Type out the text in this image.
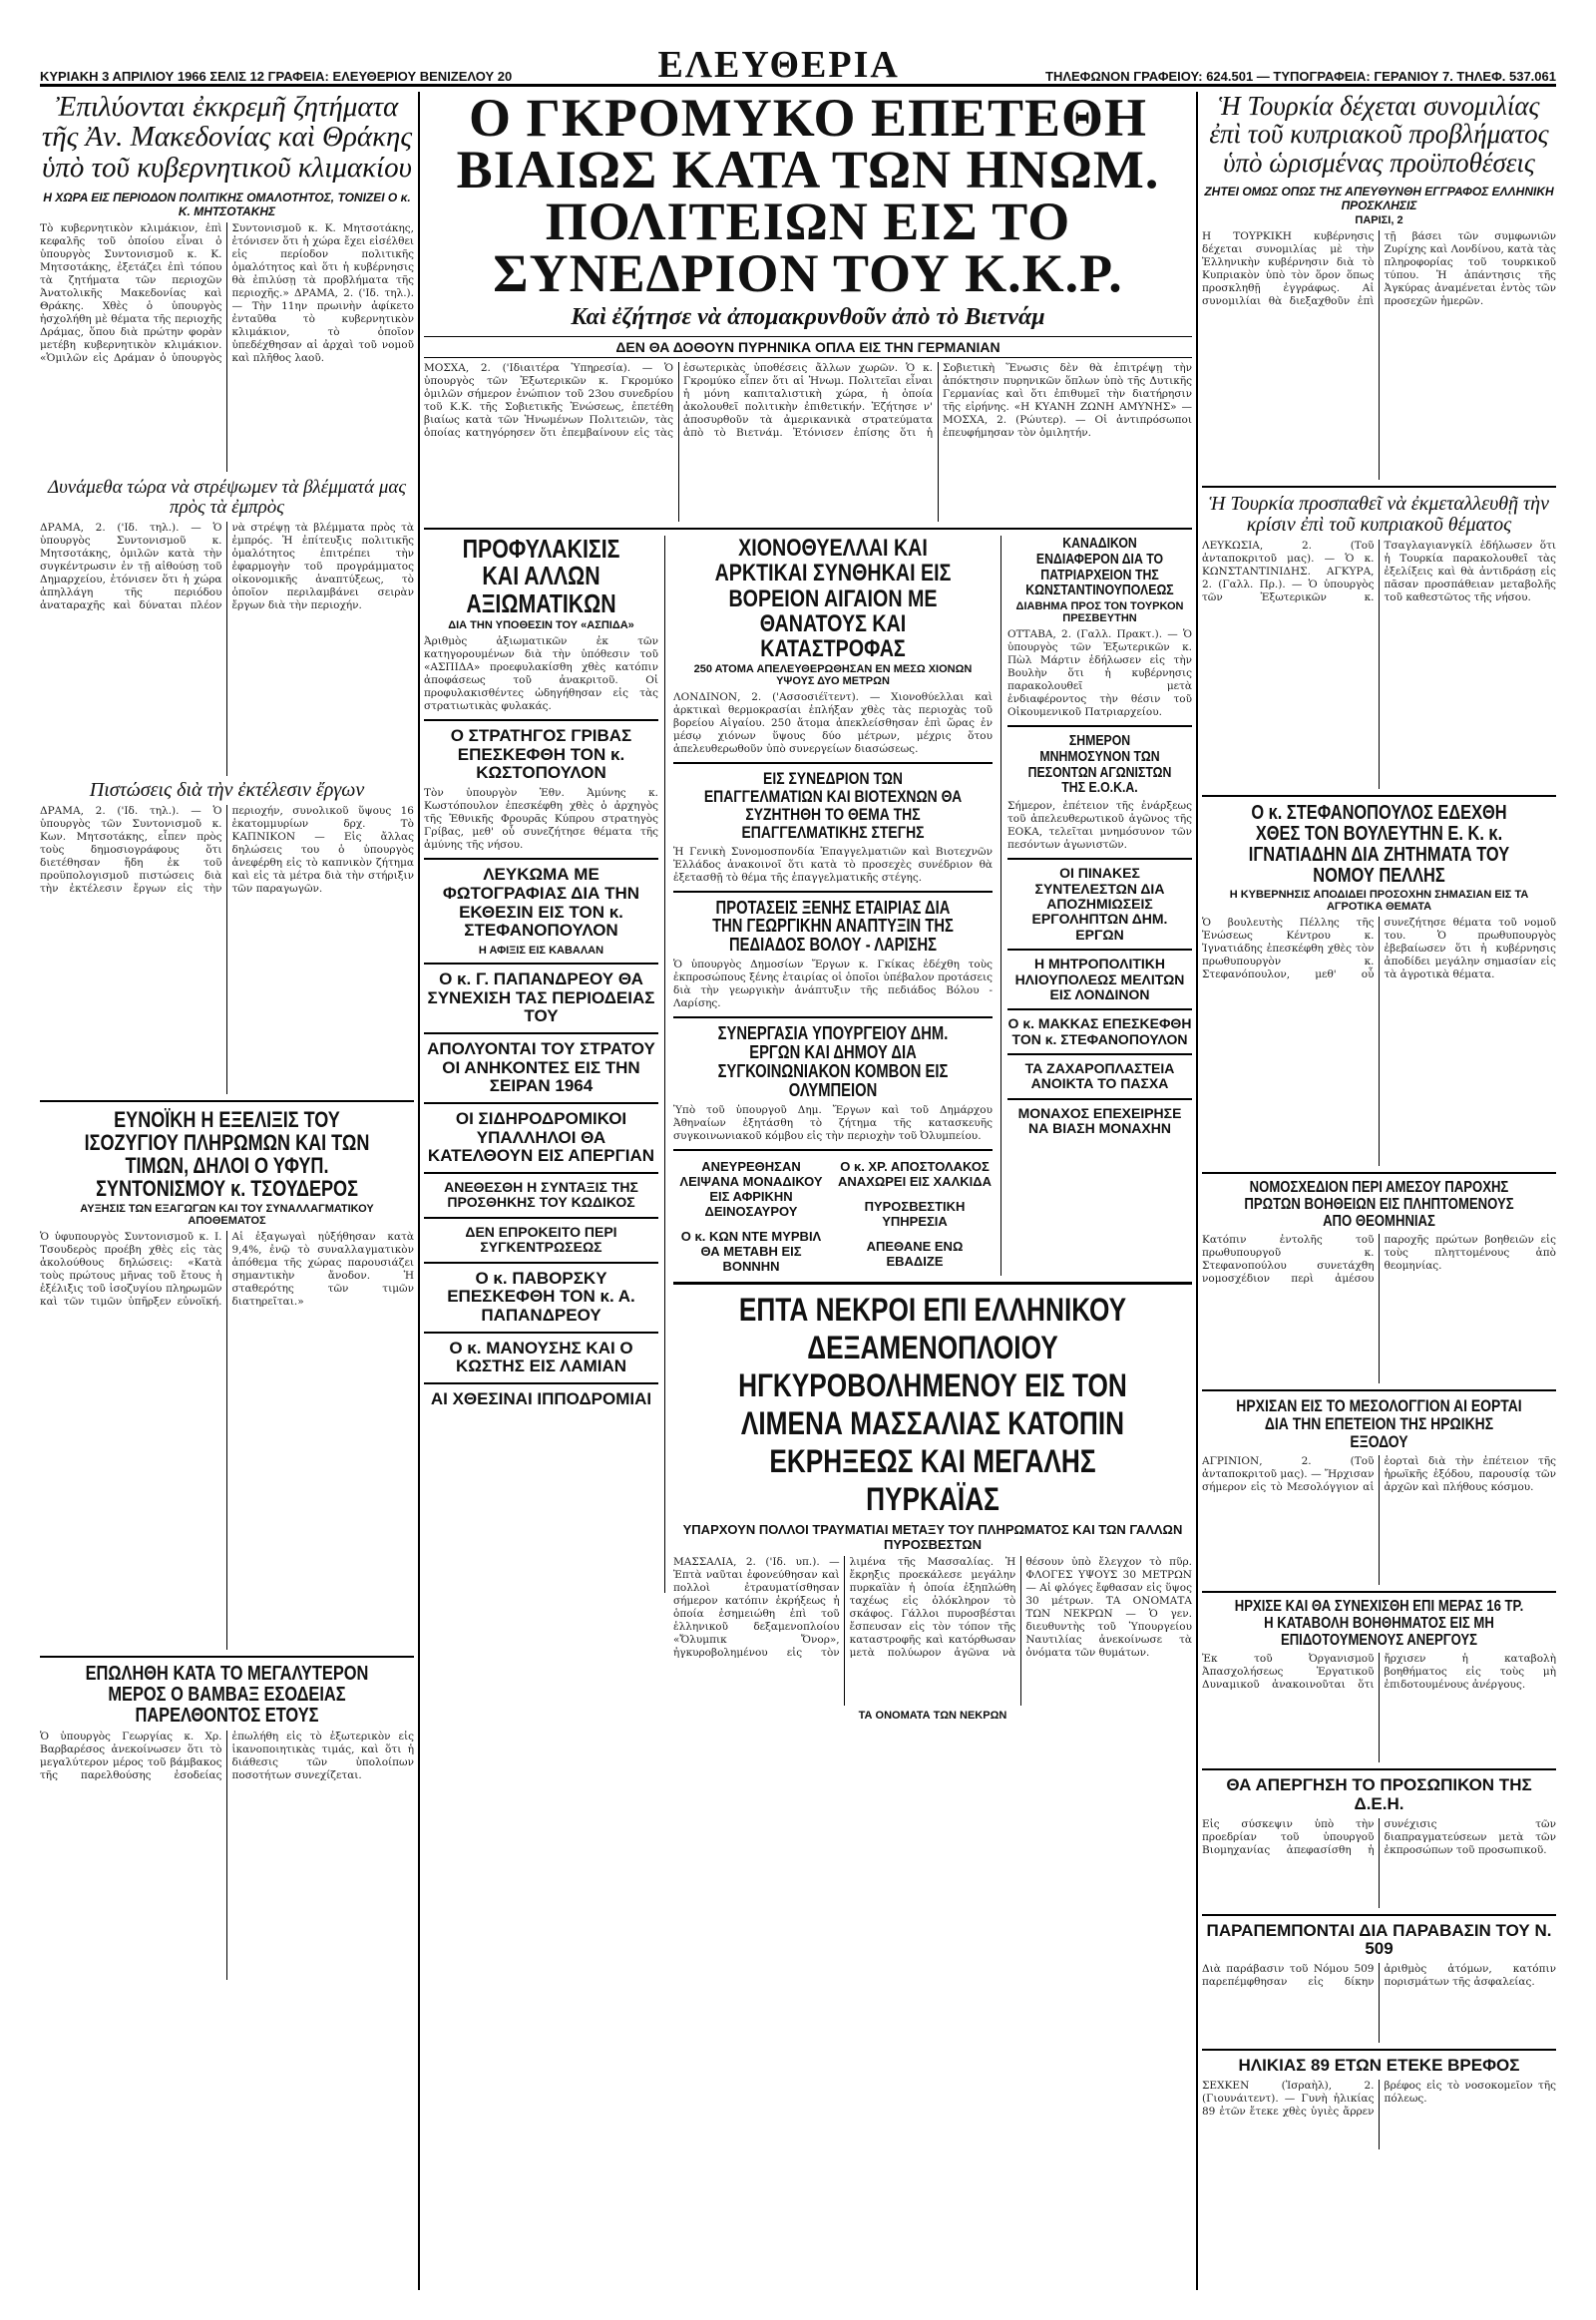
ΚΥΡΙΑΚΗ 3 ΑΠΡΙΛΙΟΥ 1966 ΣΕΛΙΣ 12 ΓΡΑΦΕΙΑ: ΕΛΕΥΘΕΡΙΟΥ ΒΕΝΙΖΕΛΟΥ 20	ΕΛΕΥΘΕΡΙΑ	ΤΗΛΕΦΩΝΟΝ ΓΡΑΦΕΙΟΥ: 624.501 — ΤΥΠΟΓΡΑΦΕΙΑ: ΓΕΡΑΝΙΟΥ 7. ΤΗΛΕΦ. 537.061
Ἐπιλύονται ἐκκρεμῆ ζητήματα τῆς Ἀν. Μακεδονίας καὶ Θράκης ὑπὸ τοῦ κυβερνητικοῦ κλιμακίου
Η ΧΩΡΑ ΕΙΣ ΠΕΡΙΟΔΟΝ ΠΟΛΙΤΙΚΗΣ ΟΜΑΛΟΤΗΤΟΣ, ΤΟΝΙΖΕΙ Ο κ. Κ. ΜΗΤΣΟΤΑΚΗΣ
Τὸ κυβερνητικὸν κλιμάκιον, ἐπὶ κεφαλῆς τοῦ ὁποίου εἶναι ὁ ὑπουργὸς Συντονισμοῦ κ. Κ. Μητσοτάκης, ἐξετάζει ἐπὶ τόπου τὰ ζητήματα τῶν περιοχῶν Ἀνατολικῆς Μακεδονίας καὶ Θράκης. Χθὲς ὁ ὑπουργὸς ἠσχολήθη μὲ θέματα τῆς περιοχῆς Δράμας, ὅπου διὰ πρώτην φορὰν μετέβη κυβερνητικὸν κλιμάκιον. «Ὁμιλῶν εἰς Δράμαν ὁ ὑπουργὸς Συντονισμοῦ κ. Κ. Μητσοτάκης, ἐτόνισεν ὅτι ἡ χώρα ἔχει εἰσέλθει εἰς περίοδον πολιτικῆς ὁμαλότητος καὶ ὅτι ἡ κυβέρνησις θὰ ἐπιλύσῃ τὰ προβλήματα τῆς περιοχῆς.» ΔΡΑΜΑ, 2. ('Ιδ. τηλ.). — Τὴν 11ην πρωινὴν ἀφίκετο ἐνταῦθα τὸ κυβερνητικὸν κλιμάκιον, τὸ ὁποῖον ὑπεδέχθησαν αἱ ἀρχαὶ τοῦ νομοῦ καὶ πλῆθος λαοῦ.
Δυνάμεθα τώρα νὰ στρέψωμεν τὰ βλέμματά μας πρὸς τὰ ἐμπρὸς
ΔΡΑΜΑ, 2. ('Ιδ. τηλ.). — Ὁ ὑπουργὸς Συντονισμοῦ κ. Μητσοτάκης, ὁμιλῶν κατὰ τὴν συγκέντρωσιν ἐν τῇ αἰθούσῃ τοῦ Δημαρχείου, ἐτόνισεν ὅτι ἡ χώρα ἀπηλλάγη τῆς περιόδου ἀναταραχῆς καὶ δύναται πλέον νὰ στρέψῃ τὰ βλέμματα πρὸς τὰ ἐμπρός. Ἡ ἐπίτευξις πολιτικῆς ὁμαλότητος ἐπιτρέπει τὴν ἐφαρμογὴν τοῦ προγράμματος οἰκονομικῆς ἀναπτύξεως, τὸ ὁποῖον περιλαμβάνει σειρὰν ἔργων διὰ τὴν περιοχήν.
Πιστώσεις διὰ τὴν ἐκτέλεσιν ἔργων
ΔΡΑΜΑ, 2. ('Ιδ. τηλ.). — Ὁ ὑπουργὸς τῶν Συντονισμοῦ κ. Κων. Μητσοτάκης, εἶπεν πρὸς τοὺς δημοσιογράφους ὅτι διετέθησαν ἤδη ἐκ τοῦ προϋπολογισμοῦ πιστώσεις διὰ τὴν ἐκτέλεσιν ἔργων εἰς τὴν περιοχήν, συνολικοῦ ὕψους 16 ἑκατομμυρίων δρχ. Τὸ ΚΑΠΝΙΚΟΝ — Εἰς ἄλλας δηλώσεις του ὁ ὑπουργὸς ἀνεφέρθη εἰς τὸ καπνικὸν ζήτημα καὶ εἰς τὰ μέτρα διὰ τὴν στήριξιν τῶν παραγωγῶν.
ΕΥΝΟΪΚΗ Η ΕΞΕΛΙΞΙΣ ΤΟΥ ΙΣΟΖΥΓΙΟΥ ΠΛΗΡΩΜΩΝ ΚΑΙ ΤΩΝ ΤΙΜΩΝ, ΔΗΛΟΙ Ο ΥΦΥΠ. ΣΥΝΤΟΝΙΣΜΟΥ κ. ΤΣΟΥΔΕΡΟΣ
ΑΥΞΗΣΙΣ ΤΩΝ ΕΞΑΓΩΓΩΝ ΚΑΙ ΤΟΥ ΣΥΝΑΛΛΑΓΜΑΤΙΚΟΥ ΑΠΟΘΕΜΑΤΟΣ
Ὁ ὑφυπουργὸς Συντονισμοῦ κ. Ι. Τσουδερὸς προέβη χθὲς εἰς τὰς ἀκολούθους δηλώσεις: «Κατὰ τοὺς πρώτους μῆνας τοῦ ἔτους ἡ ἐξέλιξις τοῦ ἰσοζυγίου πληρωμῶν καὶ τῶν τιμῶν ὑπῆρξεν εὐνοϊκή. Αἱ ἐξαγωγαὶ ηὐξήθησαν κατὰ 9,4%, ἐνῷ τὸ συναλλαγματικὸν ἀπόθεμα τῆς χώρας παρουσιάζει σημαντικὴν ἄνοδον. Ἡ σταθερότης τῶν τιμῶν διατηρεῖται.»
ΕΠΩΛΗΘΗ ΚΑΤΑ ΤΟ ΜΕΓΑΛΥΤΕΡΟΝ ΜΕΡΟΣ Ο ΒΑΜΒΑΞ ΕΣΟΔΕΙΑΣ ΠΑΡΕΛΘΟΝΤΟΣ ΕΤΟΥΣ
Ὁ ὑπουργὸς Γεωργίας κ. Χρ. Βαρβαρέσος ἀνεκοίνωσεν ὅτι τὸ μεγαλύτερον μέρος τοῦ βάμβακος τῆς παρελθούσης ἐσοδείας ἐπωλήθη εἰς τὸ ἐξωτερικὸν εἰς ἱκανοποιητικὰς τιμάς, καὶ ὅτι ἡ διάθεσις τῶν ὑπολοίπων ποσοτήτων συνεχίζεται.
Ο ΓΚΡΟΜΥΚΟ ΕΠΕΤΕΘΗ ΒΙΑΙΩΣ ΚΑΤΑ ΤΩΝ ΗΝΩΜ. ΠΟΛΙΤΕΙΩΝ ΕΙΣ ΤΟ ΣΥΝΕΔΡΙΟΝ ΤΟΥ Κ.Κ.Ρ.
Καὶ ἐζήτησε νὰ ἀπομακρυνθοῦν ἀπὸ τὸ Βιετνάμ
ΔΕΝ ΘΑ ΔΟΘΟΥΝ ΠΥΡΗΝΙΚΑ ΟΠΛΑ ΕΙΣ ΤΗΝ ΓΕΡΜΑΝΙΑΝ
ΜΟΣΧΑ, 2. ('Ιδιαιτέρα Ὑπηρεσία). — Ὁ ὑπουργὸς τῶν Ἐξωτερικῶν κ. Γκρομύκο ὁμιλῶν σήμερον ἐνώπιον τοῦ 23ου συνεδρίου τοῦ Κ.Κ. τῆς Σοβιετικῆς Ἑνώσεως, ἐπετέθη βιαίως κατὰ τῶν Ἡνωμένων Πολιτειῶν, τὰς ὁποίας κατηγόρησεν ὅτι ἐπεμβαίνουν εἰς τὰς ἐσωτερικὰς ὑποθέσεις ἄλλων χωρῶν. Ὁ κ. Γκρομύκο εἶπεν ὅτι αἱ Ἡνωμ. Πολιτεῖαι εἶναι ἡ μόνη καπιταλιστικὴ χώρα, ἡ ὁποία ἀκολουθεῖ πολιτικὴν ἐπιθετικήν. Ἐζήτησε ν' ἀποσυρθοῦν τὰ ἀμερικανικὰ στρατεύματα ἀπὸ τὸ Βιετνάμ. Ἐτόνισεν ἐπίσης ὅτι ἡ Σοβιετικὴ Ἕνωσις δὲν θὰ ἐπιτρέψῃ τὴν ἀπόκτησιν πυρηνικῶν ὅπλων ὑπὸ τῆς Δυτικῆς Γερμανίας καὶ ὅτι ἐπιθυμεῖ τὴν διατήρησιν τῆς εἰρήνης. «Η ΚΥΑΝΗ ΖΩΝΗ ΑΜΥΝΗΣ» — ΜΟΣΧΑ, 2. (Ρώυτερ). — Οἱ ἀντιπρόσωποι ἐπευφήμησαν τὸν ὁμιλητήν.
ΠΡΟΦΥΛΑΚΙΣΙΣ ΚΑΙ ΑΛΛΩΝ ΑΞΙΩΜΑΤΙΚΩΝ
ΔΙΑ ΤΗΝ ΥΠΟΘΕΣΙΝ ΤΟΥ «ΑΣΠΙΔΑ»
Ἀριθμὸς ἀξιωματικῶν ἐκ τῶν κατηγορουμένων διὰ τὴν ὑπόθεσιν τοῦ «ΑΣΠΙΔΑ» προεφυλακίσθη χθὲς κατόπιν ἀποφάσεως τοῦ ἀνακριτοῦ. Οἱ προφυλακισθέντες ὡδηγήθησαν εἰς τὰς στρατιωτικὰς φυλακάς.
Ο ΣΤΡΑΤΗΓΟΣ ΓΡΙΒΑΣ ΕΠΕΣΚΕΦΘΗ ΤΟΝ κ. ΚΩΣΤΟΠΟΥΛΟΝ
Τὸν ὑπουργὸν Ἐθν. Ἀμύνης κ. Κωστόπουλον ἐπεσκέφθη χθὲς ὁ ἀρχηγὸς τῆς Ἐθνικῆς Φρουρᾶς Κύπρου στρατηγὸς Γρίβας, μεθ' οὗ συνεζήτησε θέματα τῆς ἀμύνης τῆς νήσου.
ΛΕΥΚΩΜΑ ΜΕ ΦΩΤΟΓΡΑΦΙΑΣ ΔΙΑ ΤΗΝ ΕΚΘΕΣΙΝ ΕΙΣ ΤΟΝ κ. ΣΤΕΦΑΝΟΠΟΥΛΟΝ
Η ΑΦΙΞΙΣ ΕΙΣ ΚΑΒΑΛΑΝ
Ο κ. Γ. ΠΑΠΑΝΔΡΕΟΥ ΘΑ ΣΥΝΕΧΙΣΗ ΤΑΣ ΠΕΡΙΟΔΕΙΑΣ ΤΟΥ
ΑΠΟΛΥΟΝΤΑΙ ΤΟΥ ΣΤΡΑΤΟΥ ΟΙ ΑΝΗΚΟΝΤΕΣ ΕΙΣ ΤΗΝ ΣΕΙΡΑΝ 1964
ΟΙ ΣΙΔΗΡΟΔΡΟΜΙΚΟΙ ΥΠΑΛΛΗΛΟΙ ΘΑ ΚΑΤΕΛΘΟΥΝ ΕΙΣ ΑΠΕΡΓΙΑΝ
ΑΝΕΘΕΣΘΗ Η ΣΥΝΤΑΞΙΣ ΤΗΣ ΠΡΟΣΘΗΚΗΣ ΤΟΥ ΚΩΔΙΚΟΣ
ΔΕΝ ΕΠΡΟΚΕΙΤΟ ΠΕΡΙ ΣΥΓΚΕΝΤΡΩΣΕΩΣ
Ο κ. ΠΑΒΟΡΣΚΥ ΕΠΕΣΚΕΦΘΗ ΤΟΝ κ. Α. ΠΑΠΑΝΔΡΕΟΥ
Ο κ. ΜΑΝΟΥΣΗΣ ΚΑΙ Ο ΚΩΣΤΗΣ ΕΙΣ ΛΑΜΙΑΝ
ΑΙ ΧΘΕΣΙΝΑΙ ΙΠΠΟΔΡΟΜΙΑΙ
ΧΙΟΝΟΘΥΕΛΛΑΙ ΚΑΙ ΑΡΚΤΙΚΑΙ ΣΥΝΘΗΚΑΙ ΕΙΣ ΒΟΡΕΙΟΝ ΑΙΓΑΙΟΝ ΜΕ ΘΑΝΑΤΟΥΣ ΚΑΙ ΚΑΤΑΣΤΡΟΦΑΣ
250 ΑΤΟΜΑ ΑΠΕΛΕΥΘΕΡΩΘΗΣΑΝ ΕΝ ΜΕΣΩ ΧΙΟΝΩΝ ΥΨΟΥΣ ΔΥΟ ΜΕΤΡΩΝ
ΛΟΝΔΙΝΟΝ, 2. ('Ασσοσιέϊτεντ). — Χιονοθύελλαι καὶ ἀρκτικαὶ θερμοκρασίαι ἐπλήξαν χθὲς τὰς περιοχὰς τοῦ βορείου Αἰγαίου. 250 ἄτομα ἀπεκλείσθησαν ἐπὶ ὥρας ἐν μέσῳ χιόνων ὕψους δύο μέτρων, μέχρις ὅτου ἀπελευθερωθοῦν ὑπὸ συνεργείων διασώσεως.
ΕΙΣ ΣΥΝΕΔΡΙΟΝ ΤΩΝ ΕΠΑΓΓΕΛΜΑΤΙΩΝ ΚΑΙ ΒΙΟΤΕΧΝΩΝ ΘΑ ΣΥΖΗΤΗΘΗ ΤΟ ΘΕΜΑ ΤΗΣ ΕΠΑΓΓΕΛΜΑΤΙΚΗΣ ΣΤΕΓΗΣ
Ἡ Γενικὴ Συνομοσπονδία Ἐπαγγελματιῶν καὶ Βιοτεχνῶν Ἑλλάδος ἀνακοινοῖ ὅτι κατὰ τὸ προσεχὲς συνέδριον θὰ ἐξετασθῇ τὸ θέμα τῆς ἐπαγγελματικῆς στέγης.
ΠΡΟΤΑΣΕΙΣ ΞΕΝΗΣ ΕΤΑΙΡΙΑΣ ΔΙΑ ΤΗΝ ΓΕΩΡΓΙΚΗΝ ΑΝΑΠΤΥΞΙΝ ΤΗΣ ΠΕΔΙΑΔΟΣ ΒΟΛΟΥ - ΛΑΡΙΣΗΣ
Ὁ ὑπουργὸς Δημοσίων Ἔργων κ. Γκίκας ἐδέχθη τοὺς ἐκπροσώπους ξένης ἑταιρίας οἱ ὁποῖοι ὑπέβαλον προτάσεις διὰ τὴν γεωργικὴν ἀνάπτυξιν τῆς πεδιάδος Βόλου - Λαρίσης.
ΣΥΝΕΡΓΑΣΙΑ ΥΠΟΥΡΓΕΙΟΥ ΔΗΜ. ΕΡΓΩΝ ΚΑΙ ΔΗΜΟΥ ΔΙΑ ΣΥΓΚΟΙΝΩΝΙΑΚΟΝ ΚΟΜΒΟΝ ΕΙΣ ΟΛΥΜΠΕΙΟΝ
Ὑπὸ τοῦ ὑπουργοῦ Δημ. Ἔργων καὶ τοῦ Δημάρχου Ἀθηναίων ἐξητάσθη τὸ ζήτημα τῆς κατασκευῆς συγκοινωνιακοῦ κόμβου εἰς τὴν περιοχὴν τοῦ Ὀλυμπείου.
ΑΝΕΥΡΕΘΗΣΑΝ ΛΕΙΨΑΝΑ ΜΟΝΑΔΙΚΟΥ ΕΙΣ ΑΦΡΙΚΗΝ ΔΕΙΝΟΣΑΥΡΟΥ
Ο κ. ΚΩΝ ΝΤΕ ΜΥΡΒΙΛ ΘΑ ΜΕΤΑΒΗ ΕΙΣ ΒΟΝΝΗΝ
Ο κ. ΧΡ. ΑΠΟΣΤΟΛΑΚΟΣ ΑΝΑΧΩΡΕΙ ΕΙΣ ΧΑΛΚΙΔΑ
ΠΥΡΟΣΒΕΣΤΙΚΗ ΥΠΗΡΕΣΙΑ
ΑΠΕΘΑΝΕ ΕΝΩ ΕΒΑΔΙΖΕ
ΚΑΝΑΔΙΚΟΝ ΕΝΔΙΑΦΕΡΟΝ ΔΙΑ ΤΟ ΠΑΤΡΙΑΡΧΕΙΟΝ ΤΗΣ ΚΩΝΣΤΑΝΤΙΝΟΥΠΟΛΕΩΣ
ΔΙΑΒΗΜΑ ΠΡΟΣ ΤΟΝ ΤΟΥΡΚΟΝ ΠΡΕΣΒΕΥΤΗΝ
ΟΤΤΑΒΑ, 2. (Γαλλ. Πρακτ.). — Ὁ ὑπουργὸς τῶν Ἐξωτερικῶν κ. Πὼλ Μάρτιν ἐδήλωσεν εἰς τὴν Βουλὴν ὅτι ἡ κυβέρνησις παρακολουθεῖ μετὰ ἐνδιαφέροντος τὴν θέσιν τοῦ Οἰκουμενικοῦ Πατριαρχείου.
ΣΗΜΕΡΟΝ ΜΝΗΜΟΣΥΝΟΝ ΤΩΝ ΠΕΣΟΝΤΩΝ ΑΓΩΝΙΣΤΩΝ ΤΗΣ Ε.Ο.Κ.Α.
Σήμερον, ἐπέτειον τῆς ἐνάρξεως τοῦ ἀπελευθερωτικοῦ ἀγῶνος τῆς ΕΟΚΑ, τελεῖται μνημόσυνον τῶν πεσόντων ἀγωνιστῶν.
ΟΙ ΠΙΝΑΚΕΣ ΣΥΝΤΕΛΕΣΤΩΝ ΔΙΑ ΑΠΟΖΗΜΙΩΣΕΙΣ ΕΡΓΟΛΗΠΤΩΝ ΔΗΜ. ΕΡΓΩΝ
Η ΜΗΤΡΟΠΟΛΙΤΙΚΗ ΗΛΙΟΥΠΟΛΕΩΣ ΜΕΛΙΤΩΝ ΕΙΣ ΛΟΝΔΙΝΟΝ
Ο κ. ΜΑΚΚΑΣ ΕΠΕΣΚΕΦΘΗ ΤΟΝ κ. ΣΤΕΦΑΝΟΠΟΥΛΟΝ
ΤΑ ΖΑΧΑΡΟΠΛΑΣΤΕΙΑ ΑΝΟΙΚΤΑ ΤΟ ΠΑΣΧΑ
ΜΟΝΑΧΟΣ ΕΠΕΧΕΙΡΗΣΕ ΝΑ ΒΙΑΣΗ ΜΟΝΑΧΗΝ
ΕΠΤΑ ΝΕΚΡΟΙ ΕΠΙ ΕΛΛΗΝΙΚΟΥ ΔΕΞΑΜΕΝΟΠΛΟΙΟΥ ΗΓΚΥΡΟΒΟΛΗΜΕΝΟΥ ΕΙΣ ΤΟΝ ΛΙΜΕΝΑ ΜΑΣΣΑΛΙΑΣ ΚΑΤΟΠΙΝ ΕΚΡΗΞΕΩΣ ΚΑΙ ΜΕΓΑΛΗΣ ΠΥΡΚΑΪΑΣ
ΥΠΑΡΧΟΥΝ ΠΟΛΛΟΙ ΤΡΑΥΜΑΤΙΑΙ ΜΕΤΑΞΥ ΤΟΥ ΠΛΗΡΩΜΑΤΟΣ ΚΑΙ ΤΩΝ ΓΑΛΛΩΝ ΠΥΡΟΣΒΕΣΤΩΝ
ΜΑΣΣΑΛΙΑ, 2. ('Ιδ. υπ.). — Ἑπτὰ ναῦται ἐφονεύθησαν καὶ πολλοὶ ἐτραυματίσθησαν σήμερον κατόπιν ἐκρήξεως ἡ ὁποία ἐσημειώθη ἐπὶ τοῦ ἑλληνικοῦ δεξαμενοπλοίου «Ὄλυμπικ Ὄνορ», ἠγκυροβολημένου εἰς τὸν λιμένα τῆς Μασσαλίας. Ἡ ἔκρηξις προεκάλεσε μεγάλην πυρκαϊὰν ἡ ὁποία ἐξηπλώθη ταχέως εἰς ὁλόκληρον τὸ σκάφος. Γάλλοι πυροσβέσται ἔσπευσαν εἰς τὸν τόπον τῆς καταστροφῆς καὶ κατόρθωσαν μετὰ πολύωρον ἀγῶνα νὰ θέσουν ὑπὸ ἔλεγχον τὸ πῦρ. ΦΛΟΓΕΣ ΥΨΟΥΣ 30 ΜΕΤΡΩΝ — Αἱ φλόγες ἔφθασαν εἰς ὕψος 30 μέτρων. ΤΑ ΟΝΟΜΑΤΑ ΤΩΝ ΝΕΚΡΩΝ — Ὁ γεν. διευθυντὴς τοῦ Ὑπουργείου Ναυτιλίας ἀνεκοίνωσε τὰ ὀνόματα τῶν θυμάτων.
ΤΑ ΟΝΟΜΑΤΑ ΤΩΝ ΝΕΚΡΩΝ
Ἡ Τουρκία δέχεται συνομιλίας ἐπὶ τοῦ κυπριακοῦ προβλήματος ὑπὸ ὡρισμένας προϋποθέσεις
ΖΗΤΕΙ ΟΜΩΣ ΟΠΩΣ ΤΗΣ ΑΠΕΥΘΥΝΘΗ ΕΓΓΡΑΦΟΣ ΕΛΛΗΝΙΚΗ ΠΡΟΣΚΛΗΣΙΣ
ΠΑΡΙΣΙ, 2
Η ΤΟΥΡΚΙΚΗ κυβέρνησις δέχεται συνομιλίας μὲ τὴν Ἑλληνικὴν κυβέρνησιν διὰ τὸ Κυπριακὸν ὑπὸ τὸν ὅρον ὅπως προσκληθῇ ἐγγράφως. Αἱ συνομιλίαι θὰ διεξαχθοῦν ἐπὶ τῇ βάσει τῶν συμφωνιῶν Ζυρίχης καὶ Λονδίνου, κατὰ τὰς πληροφορίας τοῦ τουρκικοῦ τύπου. Ἡ ἀπάντησις τῆς Ἀγκύρας ἀναμένεται ἐντὸς τῶν προσεχῶν ἡμερῶν.
Ἡ Τουρκία προσπαθεῖ νὰ ἐκμεταλλευθῇ τὴν κρίσιν ἐπὶ τοῦ κυπριακοῦ θέματος
ΛΕΥΚΩΣΙΑ, 2. (Τοῦ ἀνταποκριτοῦ μας). — Ὁ κ. ΚΩΝΣΤΑΝΤΙΝΙΔΗΣ. ΑΓΚΥΡΑ, 2. (Γαλλ. Πρ.). — Ὁ ὑπουργὸς τῶν Ἐξωτερικῶν κ. Τσαγλαγιανγκίλ ἐδήλωσεν ὅτι ἡ Τουρκία παρακολουθεῖ τὰς ἐξελίξεις καὶ θὰ ἀντιδράσῃ εἰς πᾶσαν προσπάθειαν μεταβολῆς τοῦ καθεστῶτος τῆς νήσου.
Ο κ. ΣΤΕΦΑΝΟΠΟΥΛΟΣ ΕΔΕΧΘΗ ΧΘΕΣ ΤΟΝ ΒΟΥΛΕΥΤΗΝ Ε. Κ. κ. ΙΓΝΑΤΙΑΔΗΝ ΔΙΑ ΖΗΤΗΜΑΤΑ ΤΟΥ ΝΟΜΟΥ ΠΕΛΛΗΣ
Η ΚΥΒΕΡΝΗΣΙΣ ΑΠΟΔΙΔΕΙ ΠΡΟΣΟΧΗΝ ΣΗΜΑΣΙΑΝ ΕΙΣ ΤΑ ΑΓΡΟΤΙΚΑ ΘΕΜΑΤΑ
Ὁ βουλευτὴς Πέλλης τῆς Ἑνώσεως Κέντρου κ. Ἰγνατιάδης ἐπεσκέφθη χθὲς τὸν πρωθυπουργὸν κ. Στεφανόπουλον, μεθ' οὗ συνεζήτησε θέματα τοῦ νομοῦ του. Ὁ πρωθυπουργὸς ἐβεβαίωσεν ὅτι ἡ κυβέρνησις ἀποδίδει μεγάλην σημασίαν εἰς τὰ ἀγροτικὰ θέματα.
ΝΟΜΟΣΧΕΔΙΟΝ ΠΕΡΙ ΑΜΕΣΟΥ ΠΑΡΟΧΗΣ ΠΡΩΤΩΝ ΒΟΗΘΕΙΩΝ ΕΙΣ ΠΛΗΠΤΟΜΕΝΟΥΣ ΑΠΟ ΘΕΟΜΗΝΙΑΣ
Κατόπιν ἐντολῆς τοῦ πρωθυπουργοῦ κ. Στεφανοπούλου συνετάχθη νομοσχέδιον περὶ ἀμέσου παροχῆς πρώτων βοηθειῶν εἰς τοὺς πληττομένους ἀπὸ θεομηνίας.
ΗΡΧΙΣΑΝ ΕΙΣ ΤΟ ΜΕΣΟΛΟΓΓΙΟΝ ΑΙ ΕΟΡΤΑΙ ΔΙΑ ΤΗΝ ΕΠΕΤΕΙΟΝ ΤΗΣ ΗΡΩΙΚΗΣ ΕΞΟΔΟΥ
ΑΓΡΙΝΙΟΝ, 2. (Τοῦ ἀνταποκριτοῦ μας). — Ἤρχισαν σήμερον εἰς τὸ Μεσολόγγιον αἱ ἑορταὶ διὰ τὴν ἐπέτειον τῆς ἡρωϊκῆς ἐξόδου, παρουσίᾳ τῶν ἀρχῶν καὶ πλήθους κόσμου.
ΗΡΧΙΣΕ ΚΑΙ ΘΑ ΣΥΝΕΧΙΣΘΗ ΕΠΙ ΜΕΡΑΣ 16 ΤΡ. Η ΚΑΤΑΒΟΛΗ ΒΟΗΘΗΜΑΤΟΣ ΕΙΣ ΜΗ ΕΠΙΔΟΤΟΥΜΕΝΟΥΣ ΑΝΕΡΓΟΥΣ
Ἐκ τοῦ Ὀργανισμοῦ Ἀπασχολήσεως Ἐργατικοῦ Δυναμικοῦ ἀνακοινοῦται ὅτι ἤρχισεν ἡ καταβολὴ βοηθήματος εἰς τοὺς μὴ ἐπιδοτουμένους ἀνέργους.
ΘΑ ΑΠΕΡΓΗΣΗ ΤΟ ΠΡΟΣΩΠΙΚΟΝ ΤΗΣ Δ.Ε.Η.
Εἰς σύσκεψιν ὑπὸ τὴν προεδρίαν τοῦ ὑπουργοῦ Βιομηχανίας ἀπεφασίσθη ἡ συνέχισις τῶν διαπραγματεύσεων μετὰ τῶν ἐκπροσώπων τοῦ προσωπικοῦ.
ΠΑΡΑΠΕΜΠΟΝΤΑΙ ΔΙΑ ΠΑΡΑΒΑΣΙΝ ΤΟΥ Ν. 509
Διὰ παράβασιν τοῦ Νόμου 509 παρεπέμφθησαν εἰς δίκην ἀριθμὸς ἀτόμων, κατόπιν πορισμάτων τῆς ἀσφαλείας.
ΗΛΙΚΙΑΣ 89 ΕΤΩΝ ΕΤΕΚΕ ΒΡΕΦΟΣ
ΣΕΧΚΕΝ (Ἰσραὴλ), 2. (Γιουνάιτεντ). — Γυνὴ ἡλικίας 89 ἐτῶν ἔτεκε χθὲς ὑγιὲς ἄρρεν βρέφος εἰς τὸ νοσοκομεῖον τῆς πόλεως.
